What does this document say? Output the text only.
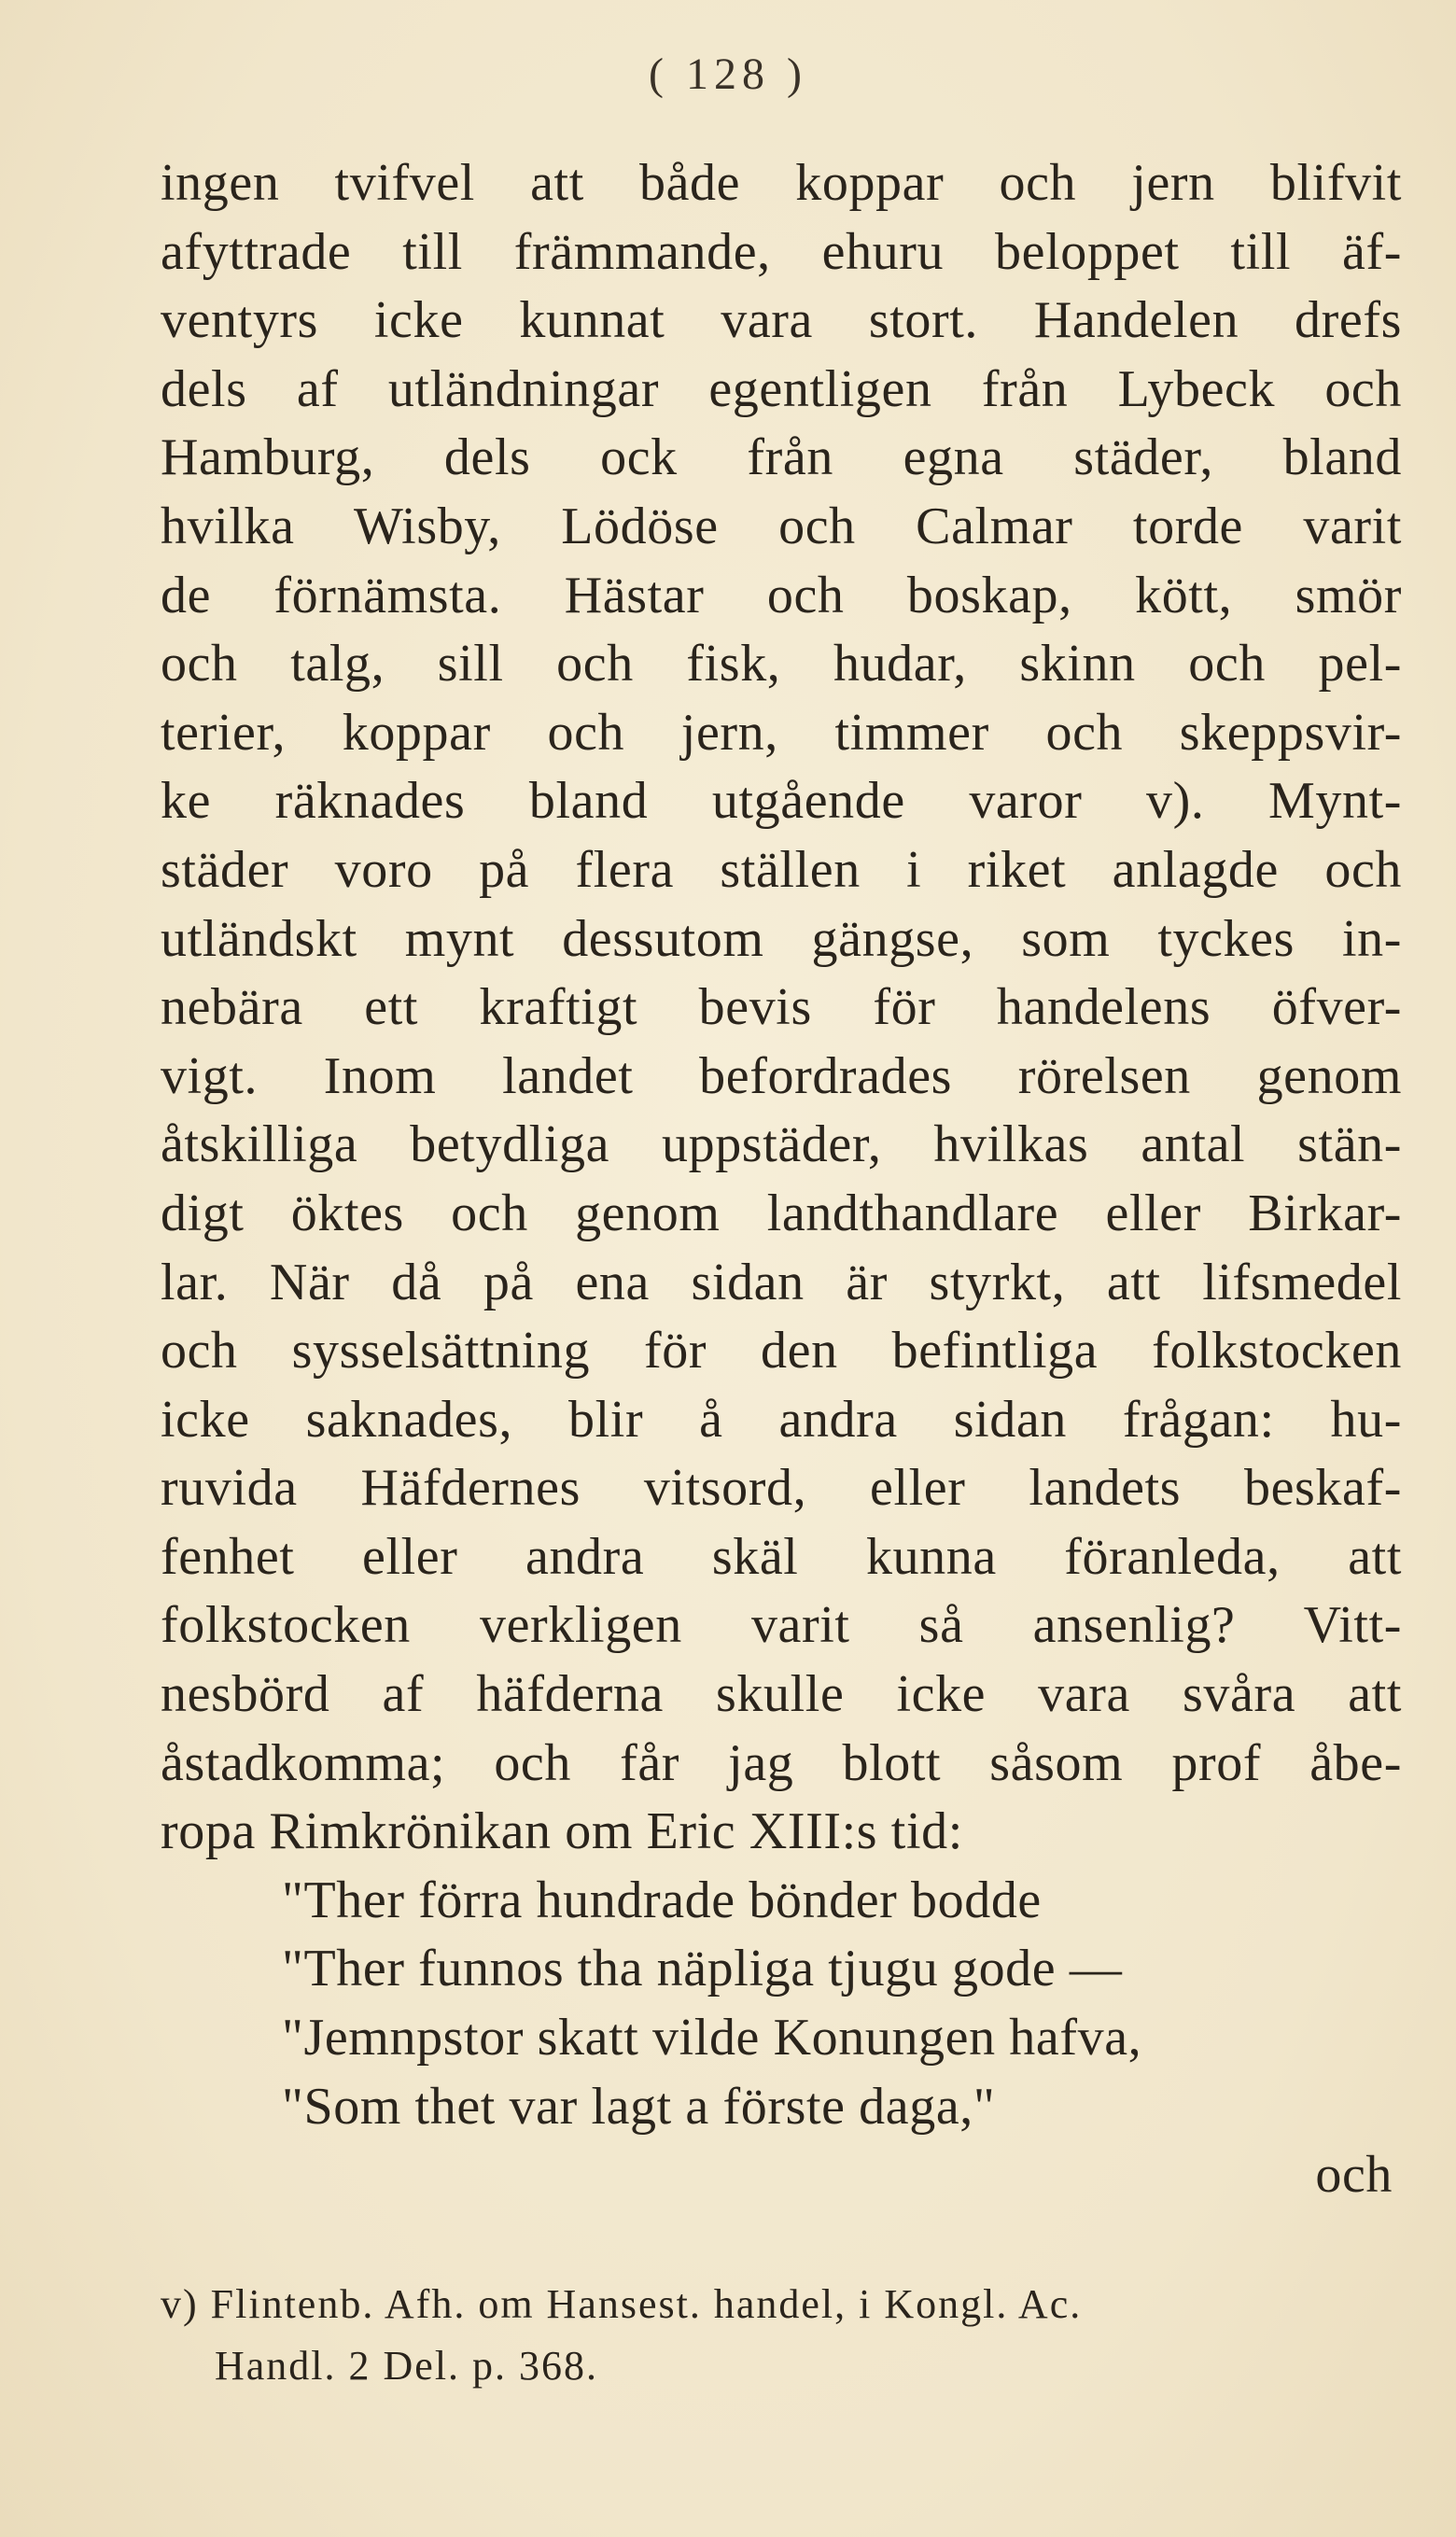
( 128 )
ingen tvifvel att både koppar och jern blifvit
afyttrade till främmande, ehuru beloppet till äf-
ventyrs icke kunnat vara stort. Handelen drefs
dels af utländningar egentligen från Lybeck och
Hamburg, dels ock från egna städer, bland
hvilka Wisby, Lödöse och Calmar torde varit
de förnämsta. Hästar och boskap, kött, smör
och talg, sill och fisk, hudar, skinn och pel-
terier, koppar och jern, timmer och skeppsvir-
ke räknades bland utgående varor v). Mynt-
städer voro på flera ställen i riket anlagde och
utländskt mynt dessutom gängse, som tyckes in-
nebära ett kraftigt bevis för handelens öfver-
vigt. Inom landet befordrades rörelsen genom
åtskilliga betydliga uppstäder, hvilkas antal stän-
digt öktes och genom landthandlare eller Birkar-
lar. När då på ena sidan är styrkt, att lifsmedel
och sysselsättning för den befintliga folkstocken
icke saknades, blir å andra sidan frågan: hu-
ruvida Häfdernes vitsord, eller landets beskaf-
fenhet eller andra skäl kunna föranleda, att
folkstocken verkligen varit så ansenlig? Vitt-
nesbörd af häfderna skulle icke vara svåra att
åstadkomma; och får jag blott såsom prof åbe-
ropa Rimkrönikan om Eric XIII:s tid:
"Ther förra hundrade bönder bodde
"Ther funnos tha näpliga tjugu gode —
"Jemnpstor skatt vilde Konungen hafva,
"Som thet var lagt a förste daga,"
och
v) Flintenb. Afh. om Hansest. handel, i Kongl. Ac.
Handl. 2 Del. p. 368.
